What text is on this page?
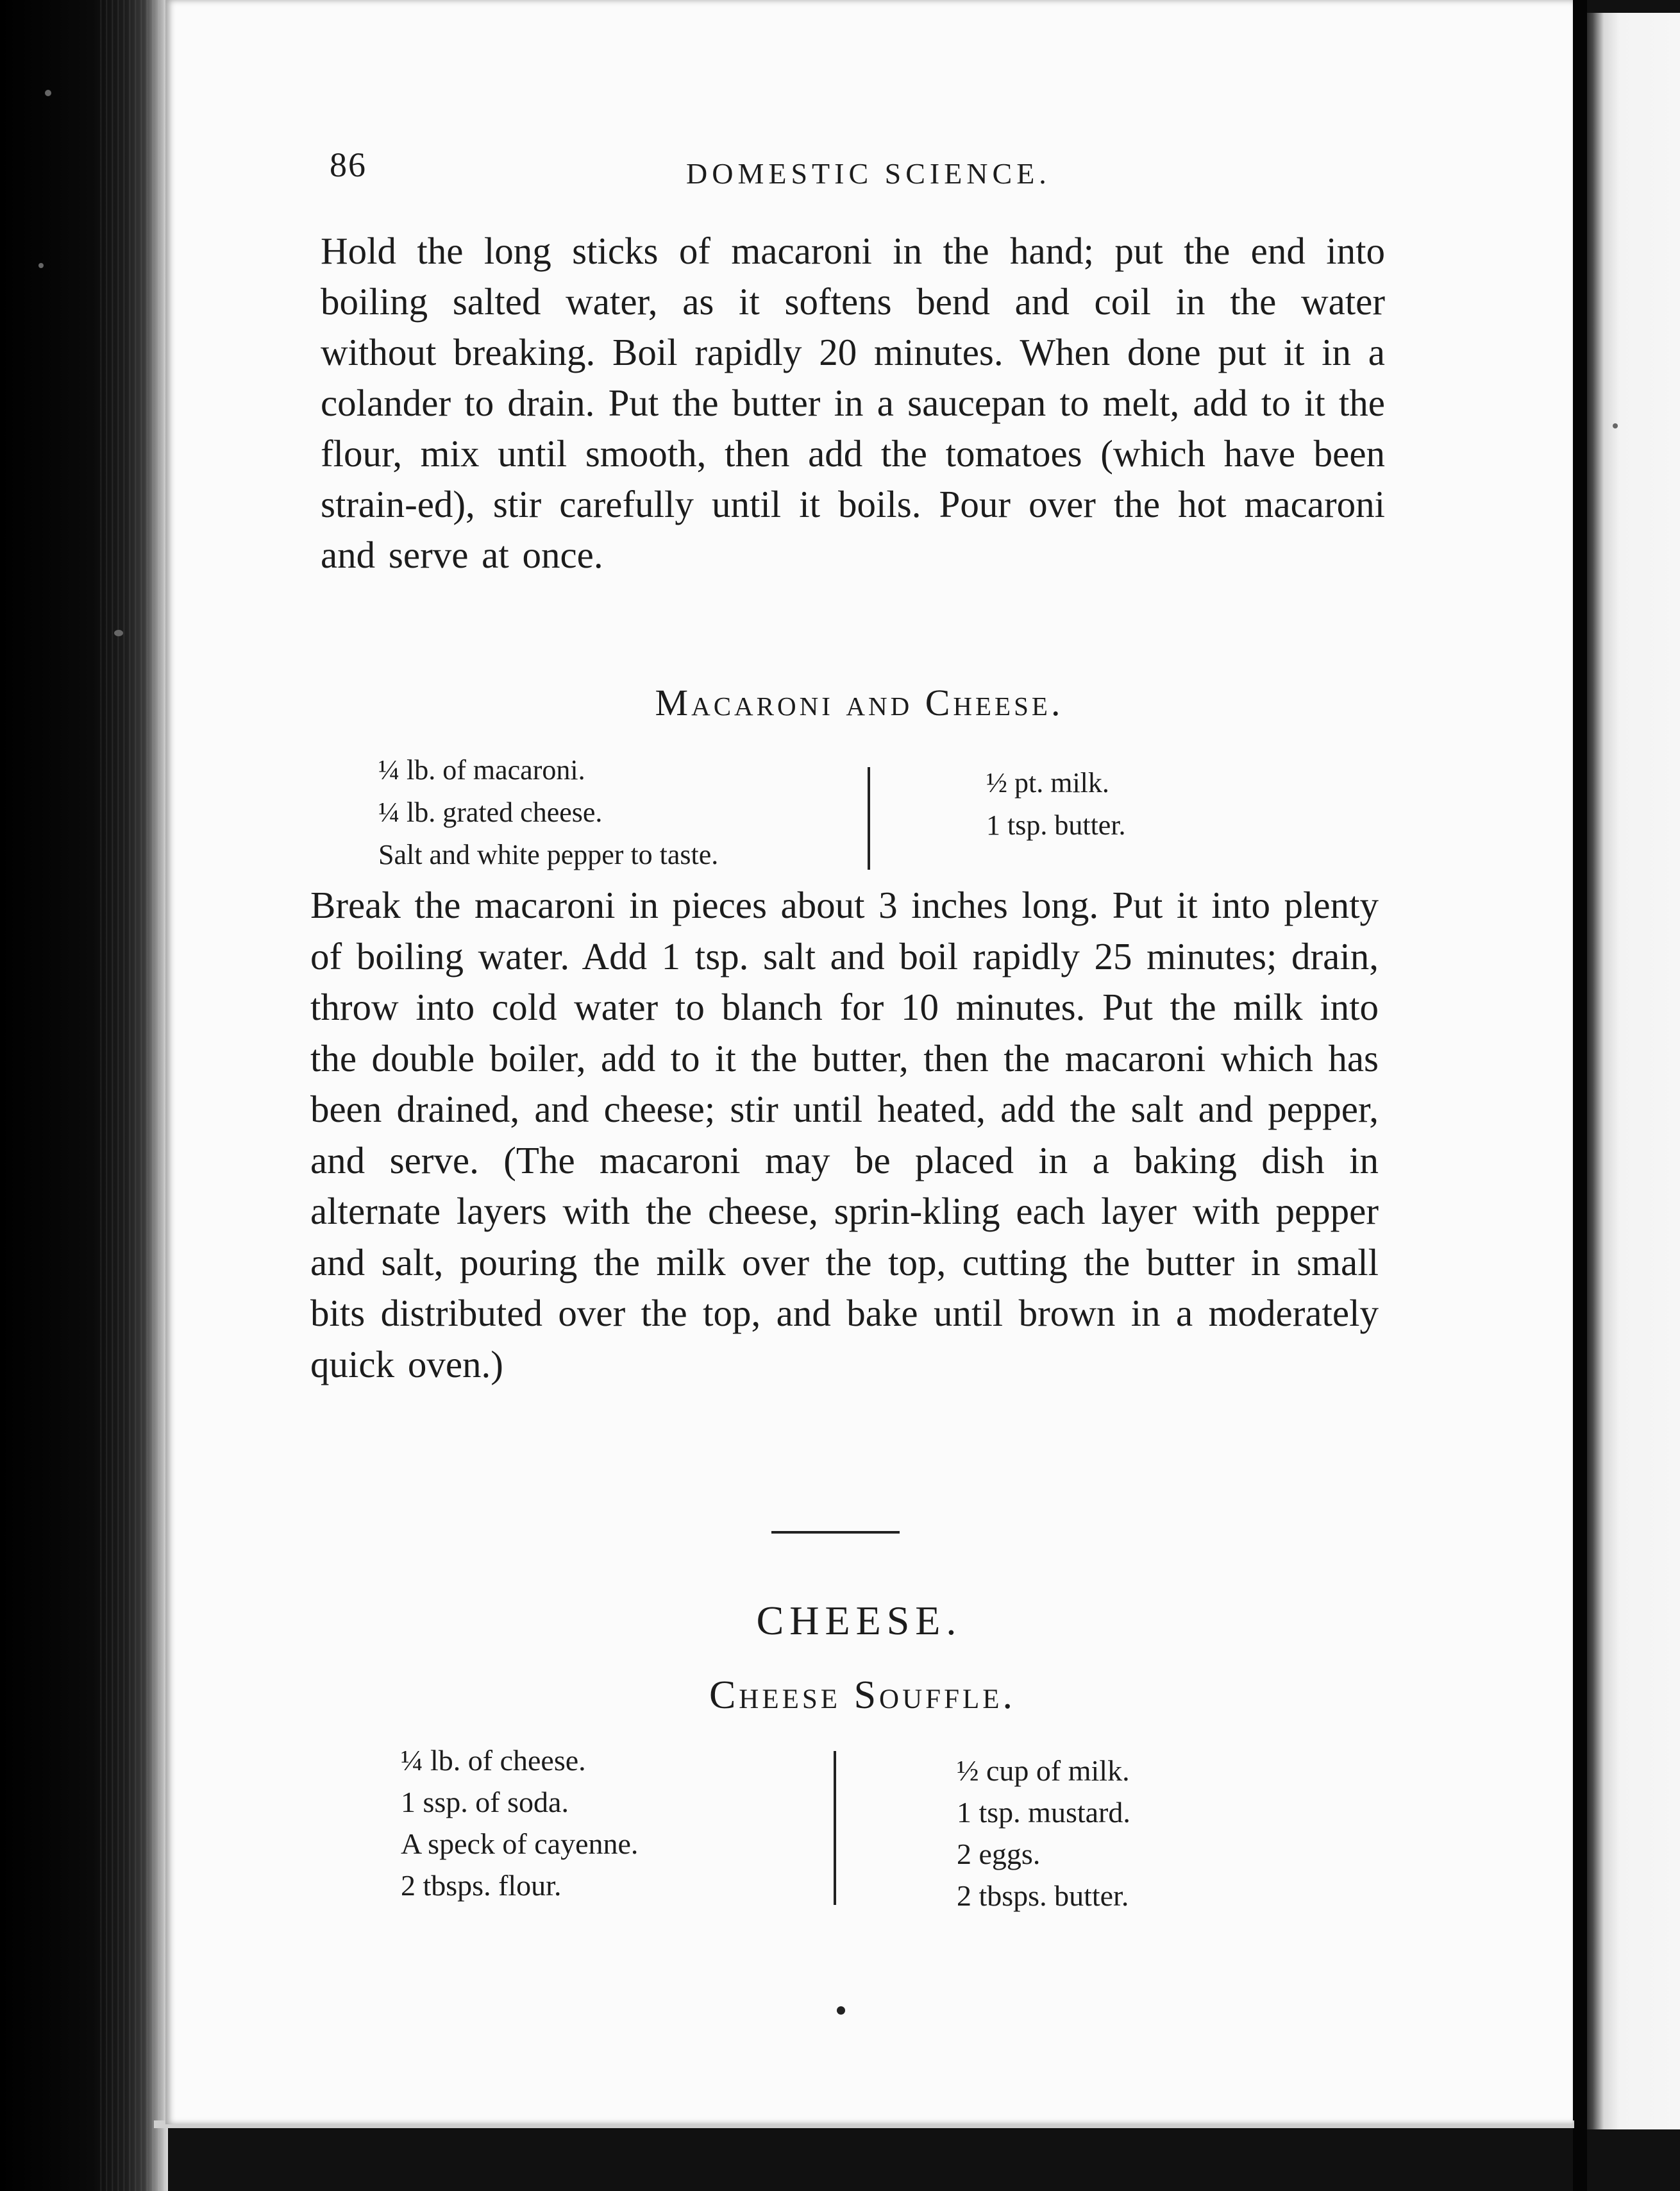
86	DOMESTIC SCIENCE.

Hold the long sticks of macaroni in the hand; put the end into boiling salted water, as it softens bend and coil in the water without breaking. Boil rapidly 20 minutes. When done put it in a colander to drain. Put the butter in a saucepan to melt, add to it the flour, mix until smooth, then add the tomatoes (which have been strain-ed), stir carefully until it boils. Pour over the hot macaroni and serve at once.

Macaroni and Cheese.
¼ lb. of macaroni.
¼ lb. grated cheese.
Salt and white pepper to taste.
½ pt. milk.
1 tsp. butter.

Break the macaroni in pieces about 3 inches long. Put it into plenty of boiling water. Add 1 tsp. salt and boil rapidly 25 minutes; drain, throw into cold water to blanch for 10 minutes. Put the milk into the double boiler, add to it the butter, then the macaroni which has been drained, and cheese; stir until heated, add the salt and pepper, and serve. (The macaroni may be placed in a baking dish in alternate layers with the cheese, sprin-kling each layer with pepper and salt, pouring the milk over the top, cutting the butter in small bits distributed over the top, and bake until brown in a moderately quick oven.)

CHEESE.
Cheese Souffle.
¼ lb. of cheese.
1 ssp. of soda.
A speck of cayenne.
2 tbsps. flour.
½ cup of milk.
1 tsp. mustard.
2 eggs.
2 tbsps. butter.
